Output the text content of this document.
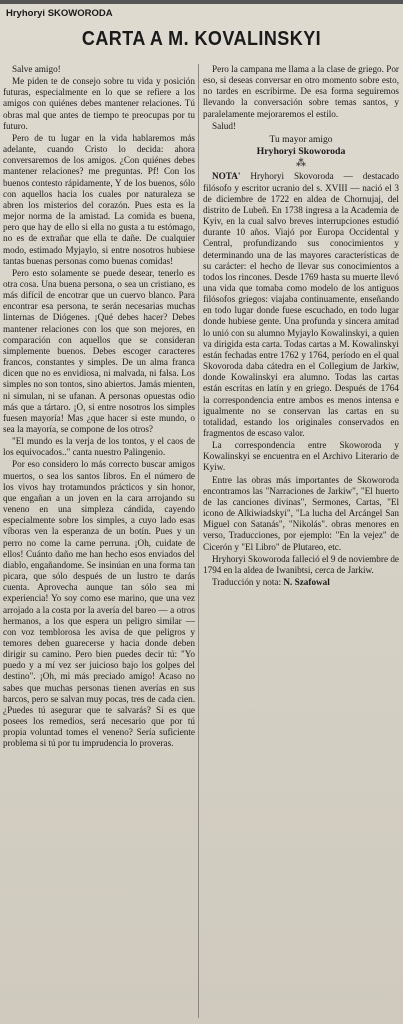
Hryhoryi SKOWORODA
CARTA A M. KOVALINSKYI

Salve amigo!

Me piden te de consejo sobre tu vida y posición futuras, especialmente en lo que se refiere a los amigos con quiénes debes mantener relaciones. Tú obras mal que antes de tiempo te preocupas por tu futuro.

Pero de tu lugar en la vida hablaremos más adelante, cuando Cristo lo decida: ahora conversaremos de los amigos. ¿Con quiénes debes mantener relaciones? me preguntas. Pf! Con los buenos contesto rápidamente, Y de los buenos, sólo con aquellos hacia los cuales por naturaleza se abren los misterios del corazón. Pues esta es la mejor norma de la amistad. La comida es buena, pero que hay de ello si ella no gusta a tu estómago, no es de extrañar que ella te dañe. De cualquier modo, estimado Myjaylo, si entre nosotros hubiese tantas buenas personas como buenas comidas!

Pero esto solamente se puede desear, tenerlo es otra cosa. Una buena persona, o sea un cristiano, es más difícil de encotrar que un cuervo blanco. Para encontrar esa persona, te serán necesarias muchas linternas de Diógenes. ¡Qué debes hacer? Debes mantener relaciones con los que son mejores, en comparación con aquellos que se consideran simplemente buenos. Debes escoger caracteres francos, constantes y simples. De un alma franca dicen que no es envidiosa, ni malvada, ni falsa. Los simples no son tontos, sino abiertos. Jamás mienten, ni simulan, ni se ufanan. A personas opuestas odio más que a tártaro. ¡O, si entre nosotros los simples fuesen mayoría! Mas ¿que hacer si este mundo, o sea la mayoría, se compone de los otros?

"El mundo es la verja de los tontos, y el caos de los equivocados.." canta nuestro Palingenio.

Por eso considero lo más correcto buscar amigos muertos, o sea los santos libros. En el número de los vivos hay trotamundos prácticos y sin honor, que engañan a un joven en la cara arrojando su veneno en una simpleza cándida, cayendo especialmente sobre los simples, a cuyo lado esas víboras ven la esperanza de un botín. Pues y un perro no come la carne perruna. ¡Oh, cuidate de ellos! Cuánto daño me han hecho esos enviados del diablo, engañandome. Se insinúan en una forma tan picara, que sólo después de un lustro te darás cuenta. Aprovecha aunque tan sólo sea mi experiencia! Yo soy como ese marino, que una vez arrojado a la costa por la avería del bareo — a otros hermanos, a los que espera un peligro similar — con voz temblorosa les avisa de que peligros y temores deben guarecerse y hacia donde deben dirigir su camino. Pero bien puedes decir tú: "Yo puedo y a mí vez ser juicioso bajo los golpes del destino". ¡Oh, mi más preciado amigo! Acaso no sabes que muchas personas tienen averías en sus barcos, pero se salvan muy pocas, tres de cada cien. ¿Puedes tú asegurar que te salvarás? Si es que posees los remedios, será necesario que por tú propia voluntad tomes el veneno? Sería suficiente problema si tú por tu imprudencia lo proveras.

Pero la campana me llama a la clase de griego. Por eso, si deseas conversar en otro momento sobre esto, no tardes en escribirme. De esa forma seguiremos llevando la conversación sobre temas santos, y paralelamente mejoraremos el estilo.

Salud!

Tu mayor amigo
Hryhoryi Skoworoda
⁂

NOTA' Hryhoryi Skovoroda — destacado filósofo y escritor ucranio del s. XVIII — nació el 3 de diciembre de 1722 en aldea de Chornujaj, del distrito de Lubeñ. En 1738 ingresa a la Academia de Kyiv, en la cual salvo breves interrupciones estudió durante 10 años. Viajó por Europa Occidental y Central, profundizando sus conocimientos y determinando una de las mayores características de su carácter: el hecho de llevar sus conocimientos a todos los rincones. Desde 1769 hasta su muerte llevó una vida que tomaba como modelo de los antiguos filósofos griegos: viajaba continuamente, enseñando en todo lugar donde fuese escuchado, en todo lugar donde hubiese gente. Una profunda y sincera amitad lo unió con su alumno Myjaylo Kowalinskyi, a quien va dirigida esta carta. Todas cartas a M. Kowalinskyi están fechadas entre 1762 y 1764, período en el qual Skovoroda daba cátedra en el Collegium de Jarkiw, donde Kowalinskyi era alumno. Todas las cartas están escritas en latín y en griego. Después de 1764 la correspondencia entre ambos es menos intensa e igualmente no se conservan las cartas en su totalidad, estando los originales conservados en fragmentos de escaso valor.

La correspondencia entre Skoworoda y Kowalinskyi se encuentra en el Archivo Literario de Kyiw.

Entre las obras más importantes de Skoworoda encontramos las "Narraciones de Jarkiw", "El huerto de las canciones divinas", Sermones, Cartas, "El icono de Alkiwiadskyi", "La lucha del Arcángel San Miguel con Satanás", "Nikolás". obras menores en verso, Traducciones, por ejemplo: "En la vejez" de Cicerón y "El Libro" de Plutareo, etc.

Hryhoryi Skoworoda falleció el 9 de noviembre de 1794 en la aldea de Iwanibtsi, cerca de Jarkiw.

Traducción y nota: N. Szafowal
